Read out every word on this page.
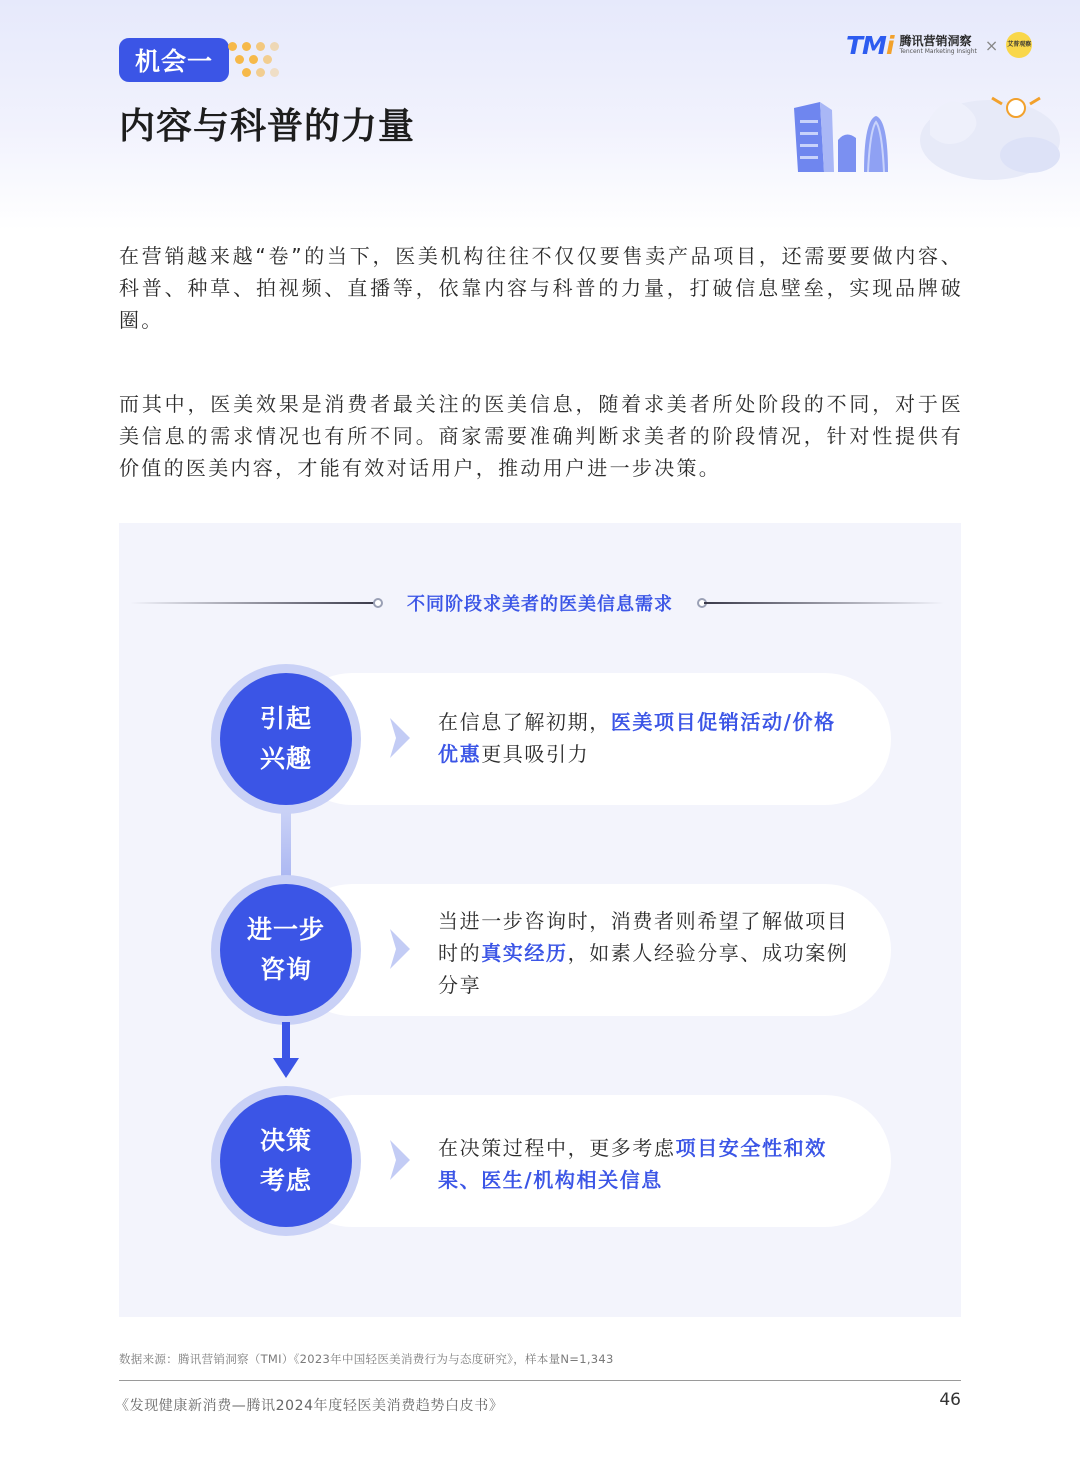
机会一
内容与科普的力量
TMi 腾讯营销洞察
Tencent Marketing Insight × 艾普观察

在营销越来越“卷”的当下，医美机构往往不仅仅要售卖产品项目，还需要要做内容、科普、种草、拍视频、直播等，依靠内容与科普的力量，打破信息壁垒，实现品牌破圈。

而其中，医美效果是消费者最关注的医美信息，随着求美者所处阶段的不同，对于医美信息的需求情况也有所不同。商家需要准确判断求美者的阶段情况，针对性提供有价值的医美内容，才能有效对话用户，推动用户进一步决策。

不同阶段求美者的医美信息需求
在信息了解初期，医美项目促销活动/价格优惠更具吸引力
引起
兴趣
当进一步咨询时，消费者则希望了解做项目时的真实经历，如素人经验分享、成功案例分享
进一步
咨询
在决策过程中，更多考虑项目安全性和效果、医生/机构相关信息
决策
考虑
数据来源：腾讯营销洞察（TMI）《2023年中国轻医美消费行为与态度研究》，样本量N=1,343
《发现健康新消费—腾讯2024年度轻医美消费趋势白皮书》	46
